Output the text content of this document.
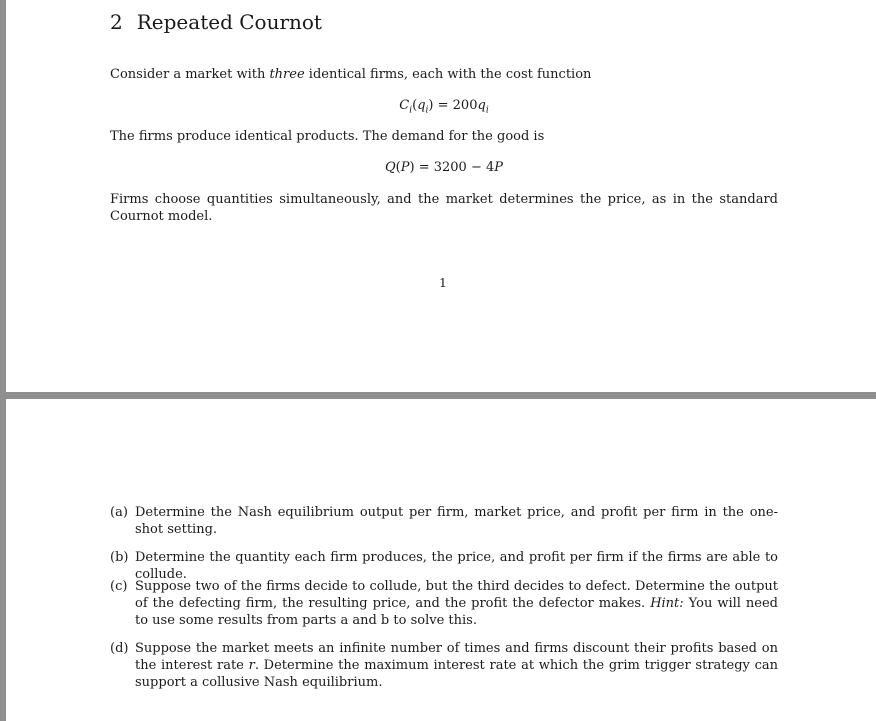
2 Repeated Cournot

Consider a market with three identical firms, each with the cost function

$C_i(q_i) = 200q_i$

The firms produce identical products. The demand for the good is

Q(P) = 3200 − 4P

Firms choose quantities simultaneously, and the market determines the price, as in the standard Cournot model.

1
(a) Determine the Nash equilibrium output per firm, market price, and profit per firm in the one-shot setting.
(b) Determine the quantity each firm produces, the price, and profit per firm if the firms are able to collude.
(c) Suppose two of the firms decide to collude, but the third decides to defect. Determine the output of the defecting firm, the resulting price, and the profit the defector makes. Hint: You will need to use some results from parts a and b to solve this.
(d) Suppose the market meets an infinite number of times and firms discount their profits based on the interest rate r. Determine the maximum interest rate at which the grim trigger strategy can support a collusive Nash equilibrium.
